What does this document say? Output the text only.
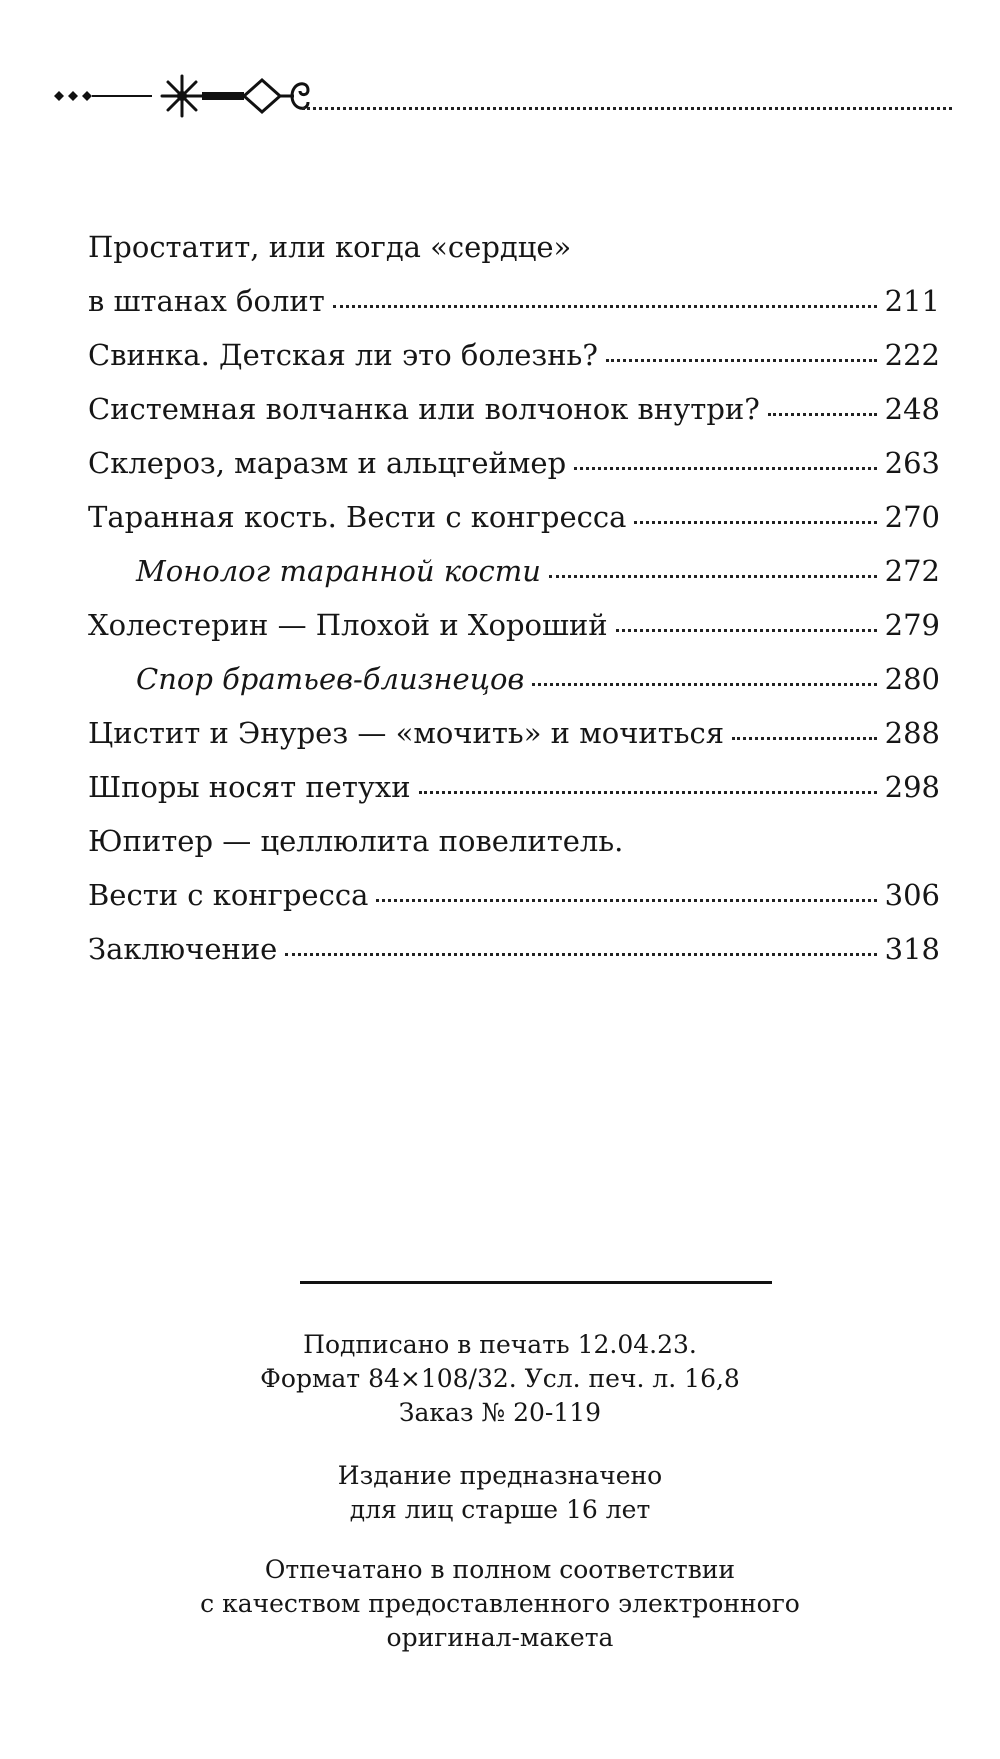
Простатит, или когда «сердце»
в штанах болит	211
Свинка. Детская ли это болезнь?	222
Системная волчанка или волчонок внутри?	248
Склероз, маразм и альцгеймер	263
Таранная кость. Вести с конгресса	270
Монолог таранной кости	272
Холестерин — Плохой и Хороший	279
Спор братьев-близнецов	280
Цистит и Энурез — «мочить» и мочиться	288
Шпоры носят петухи	298
Юпитер — целлюлита повелитель.
Вести с конгресса	306
Заключение	318

Подписано в печать 12.04.23.

Формат 84×108/32. Усл. печ. л. 16,8

Заказ № 20-119

Издание предназначено

для лиц старше 16 лет

Отпечатано в полном соответствии

с качеством предоставленного электронного

оригинал-макета
